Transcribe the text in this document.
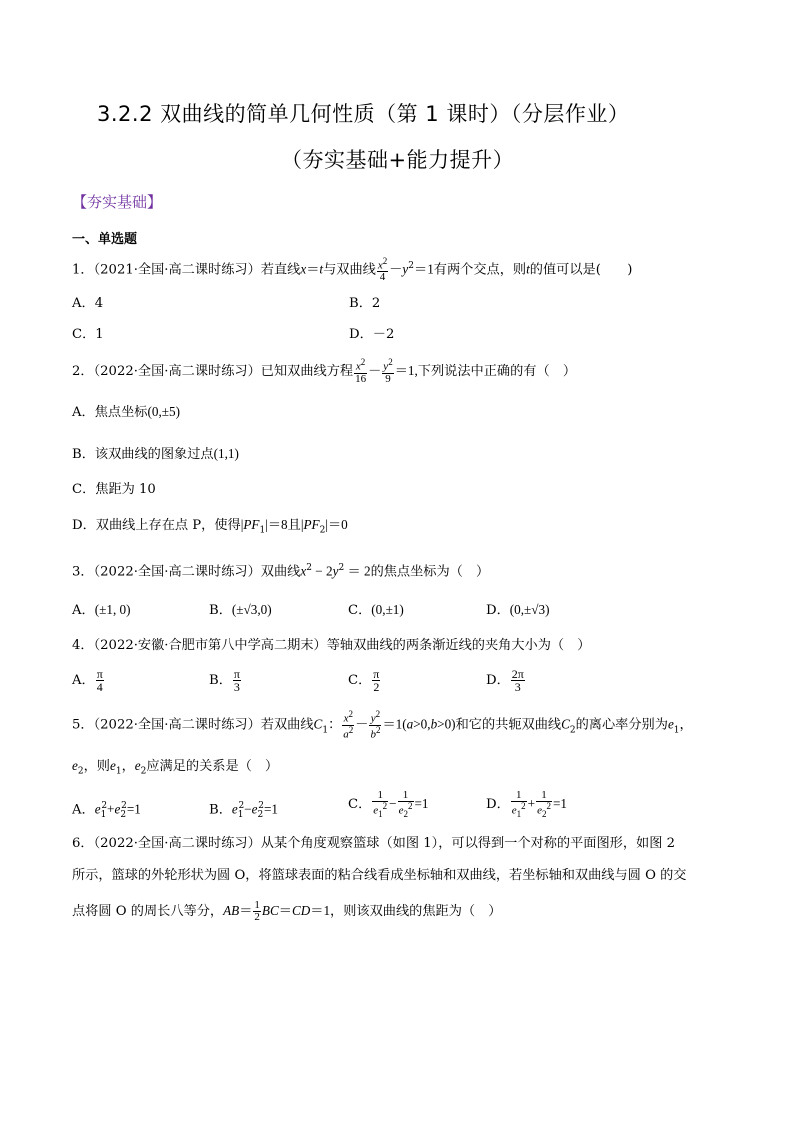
3.2.2 双曲线的简单几何性质（第 1 课时）（分层作业）
（夯实基础+能力提升）
【夯实基础】
一、单选题
1．（2021·全国·高二课时练习）若直线x＝t与双曲线 $\frac{x^2}{4} -y^2=1$有两个交点，则t的值可以是(　　)
A．4	B．2
C．1	D．－2
2．（2022·全国·高二课时练习）已知双曲线方程 $\frac{x^2}{16} - \frac{y^2}{9} =1$,下列说法中正确的有（　）
A．焦点坐标(0,±5)
B．该双曲线的图象过点(1,1)
C．焦距为 10
D．双曲线上存在点 P，使得$|PF_1|=8$且$|PF_2|=0$
3．（2022·全国·高二课时练习）双曲线$x^2 - 2y^2 = 2$的焦点坐标为（　）
A．(±1, 0)	B．(±√3,0)	C．(0,±1)	D．(0,±√3)
4．（2022·安徽·合肥市第八中学高二期末）等轴双曲线的两条渐近线的夹角大小为（　）
A． $\frac{\pi}{4}$	B． $\frac{\pi}{3}$	C． $\frac{\pi}{2}$	D． $\frac{2\pi}{3}$
5．（2022·全国·高二课时练习）若双曲线$C_1$： $\frac{x^2}{a^2} - \frac{y^2}{b^2} =1(a>0,b>0)$和它的共轭双曲线$C_2$的离心率分别为$e_1$，
$e_2$，则$e_1$，$e_2$应满足的关系是（　）
A．$e_1^2+e_2^2=1$	B．$e_1^2-e_2^2=1$	C． $\frac{1}{e_1^2} - \frac{1}{e_2^2} =1$	D． $\frac{1}{e_1^2} + \frac{1}{e_2^2} =1$
6．（2022·全国·高二课时练习）从某个角度观察篮球（如图 1），可以得到一个对称的平面图形，如图 2
所示，篮球的外轮形状为圆 O，将篮球表面的粘合线看成坐标轴和双曲线，若坐标轴和双曲线与圆 O 的交
点将圆 O 的周长八等分，$AB= \frac{1}{2} BC=CD=1$，则该双曲线的焦距为（　）
